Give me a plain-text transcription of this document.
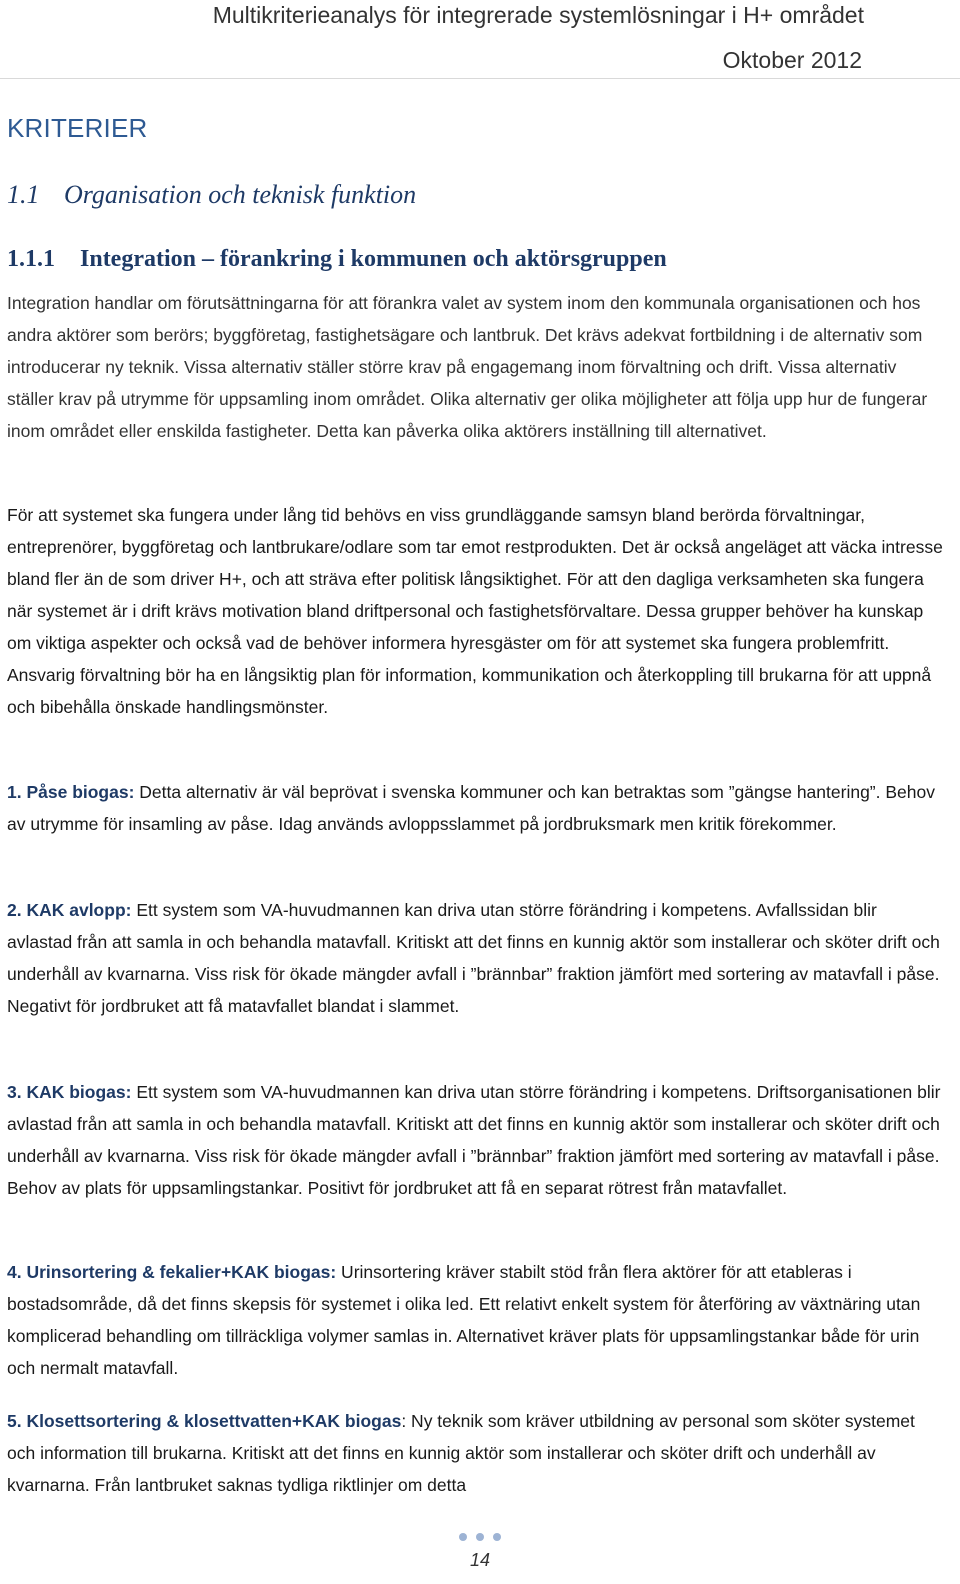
Multikriterieanalys för integrerade systemlösningar i H+ området
Oktober 2012
KRITERIER
1.1 Organisation och teknisk funktion
1.1.1 Integration – förankring i kommunen och aktörsgruppen

Integration handlar om förutsättningarna för att förankra valet av system inom den kommunala organisationen och hos andra aktörer som berörs; byggföretag, fastighetsägare och lantbruk. Det krävs adekvat fortbildning i de alternativ som introducerar ny teknik. Vissa alternativ ställer större krav på engagemang inom förvaltning och drift. Vissa alternativ ställer krav på utrymme för uppsamling inom området. Olika alternativ ger olika möjligheter att följa upp hur de fungerar inom området eller enskilda fastigheter. Detta kan påverka olika aktörers inställning till alternativet.

För att systemet ska fungera under lång tid behövs en viss grundläggande samsyn bland berörda förvaltningar, entreprenörer, byggföretag och lantbrukare/odlare som tar emot restprodukten. Det är också angeläget att väcka intresse bland fler än de som driver H+, och att sträva efter politisk långsiktighet. För att den dagliga verksamheten ska fungera när systemet är i drift krävs motivation bland driftpersonal och fastighetsförvaltare. Dessa grupper behöver ha kunskap om viktiga aspekter och också vad de behöver informera hyresgäster om för att systemet ska fungera problemfritt. Ansvarig förvaltning bör ha en långsiktig plan för information, kommunikation och återkoppling till brukarna för att uppnå och bibehålla önskade handlingsmönster.

1. Påse biogas: Detta alternativ är väl beprövat i svenska kommuner och kan betraktas som ”gängse hantering”. Behov av utrymme för insamling av påse. Idag används avloppsslammet på jordbruksmark men kritik förekommer.
2. KAK avlopp: Ett system som VA-huvudmannen kan driva utan större förändring i kompetens. Avfallssidan blir avlastad från att samla in och behandla matavfall. Kritiskt att det finns en kunnig aktör som installerar och sköter drift och underhåll av kvarnarna. Viss risk för ökade mängder avfall i ”brännbar” fraktion jämfört med sortering av matavfall i påse. Negativt för jordbruket att få matavfallet blandat i slammet.
3. KAK biogas: Ett system som VA-huvudmannen kan driva utan större förändring i kompetens. Driftsorganisationen blir avlastad från att samla in och behandla matavfall. Kritiskt att det finns en kunnig aktör som installerar och sköter drift och underhåll av kvarnarna. Viss risk för ökade mängder avfall i ”brännbar” fraktion jämfört med sortering av matavfall i påse. Behov av plats för uppsamlingstankar. Positivt för jordbruket att få en separat rötrest från matavfallet.
4. Urinsortering & fekalier+KAK biogas: Urinsortering kräver stabilt stöd från flera aktörer för att etableras i bostadsområde, då det finns skepsis för systemet i olika led. Ett relativt enkelt system för återföring av växtnäring utan komplicerad behandling om tillräckliga volymer samlas in. Alternativet kräver plats för uppsamlingstankar både för urin och nermalt matavfall.
5. Klosettsortering & klosettvatten+KAK biogas: Ny teknik som kräver utbildning av personal som sköter systemet och information till brukarna. Kritiskt att det finns en kunnig aktör som installerar och sköter drift och underhåll av kvarnarna. Från lantbruket saknas tydliga riktlinjer om detta
14
